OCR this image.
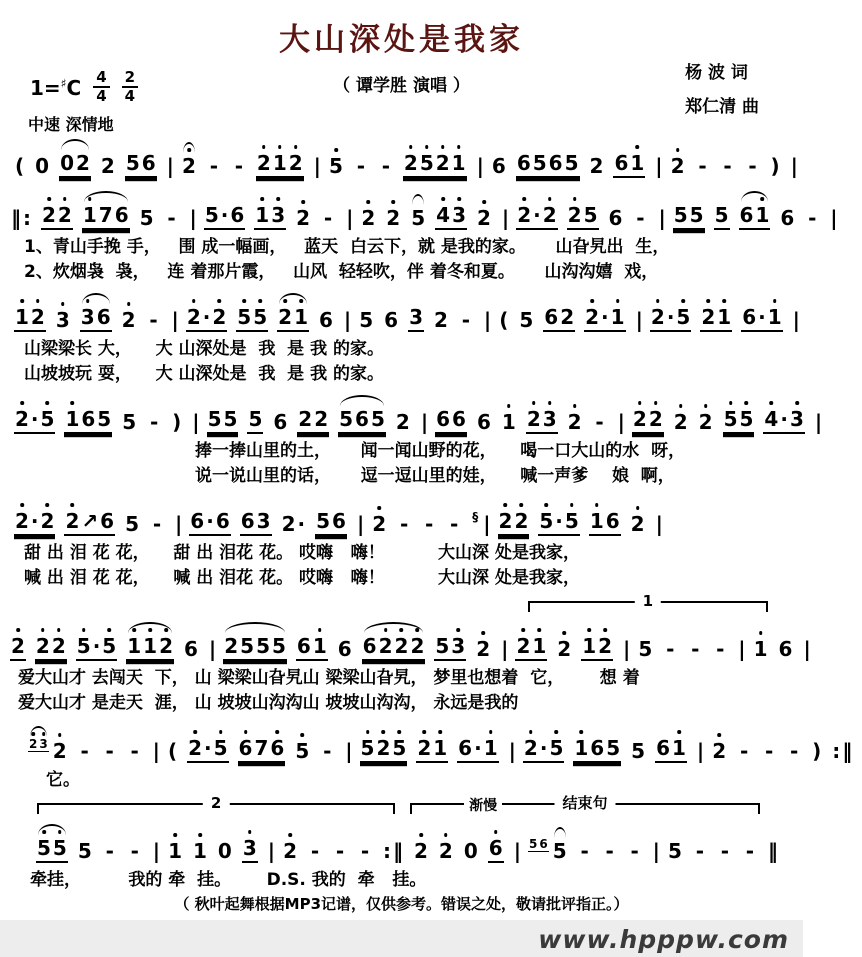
大山深处是我家
（ 谭学胜 演唱 ）
杨 波 词
郑仁清 曲
$1=^♯C \frac{4}{4} \frac{2}{4}$
中速 深情地
( 0 0 2 2 5 6 | 2 - - 2 1 2 | 5 - - 2 5 2 1 | 6 6 5 6 5 2 6 1 | 2 - - - ) |
‖ : 2 2 1 7 6 5 - | 5 · 6 1 3 2 - | 2 2 5 4 3 2 | 2 · 2 2 5 6 - | 5 5 5 6 1 6 - |
1、青山手挽 手，   围 成一幅画，   蓝天  白云下，就 是我的家。     山旮旯出  生，
2、炊烟袅  袅，   连 着那片霞，   山风  轻轻吹，伴 着冬和夏。     山沟沟嬉  戏，
1 2 3 3 6 2 - | 2 · 2 5 5 2 1 6 | 5 6 3 2 - | ( 5 6 2 2 · 1 | 2 · 5 2 1 6 · 1 |
山梁梁长 大，    大 山深处是  我  是 我 的家。
山坡坡玩 耍，    大 山深处是  我  是 我 的家。
2 · 5 1 6 5 5 - ) | 5 5 5 6 2 2 5 6 5 2 | 6 6 6 1 2 3 2 - | 2 2 2 2 5 5 4 · 3 |
捧一捧山里的土，     闻一闻山野的花，    喝一口大山的水  呀，
说一说山里的话，     逗一逗山里的娃，    喊一声爹    娘  啊，
2 · 2 2 ↗ 6 5 - | 6 · 6 6 3 2 · 5 6 | 2 - - - § | 2 2 5 · 5 1 6 2 |
甜 出 泪 花 花，    甜 出 泪花 花。 哎嗨   嗨！         大山深 处是我家，
喊 出 泪 花 花，    喊 出 泪花 花。 哎嗨   嗨！         大山深 处是我家，
1
2 2 2 5 · 5 1 1 2 6 | 2 5 5 5 6 1 6 6 2 2 2 5 3 2 | 2 1 2 1 2 | 5 - - - | 1 6 |
爱大山才 去闯天  下， 山 梁梁山旮旯山 梁梁山旮旯， 梦里也想着  它，      想 着
爱大山才 是走天  涯， 山 坡坡山沟沟山 坡坡山沟沟， 永远是我的
2 3 2 - - - | ( 2 · 5 6 7 6 5 - | 5 2 5 2 1 6 · 1 | 2 · 5 1 6 5 5 6 1 | 2 - - - ) : ‖
它。
2	结束句
渐慢
5 5 5 - - | 1 1 0 3 | 2 - - - : ‖ 2 2 0 6 | 5 6 5 - - - | 5 - - - ‖
牵挂，        我的 牵  挂。      D.S. 我的  牵   挂。
（ 秋叶起舞根据MP3记谱，仅供参考。错误之处，敬请批评指正。）
www.hpppw.com
